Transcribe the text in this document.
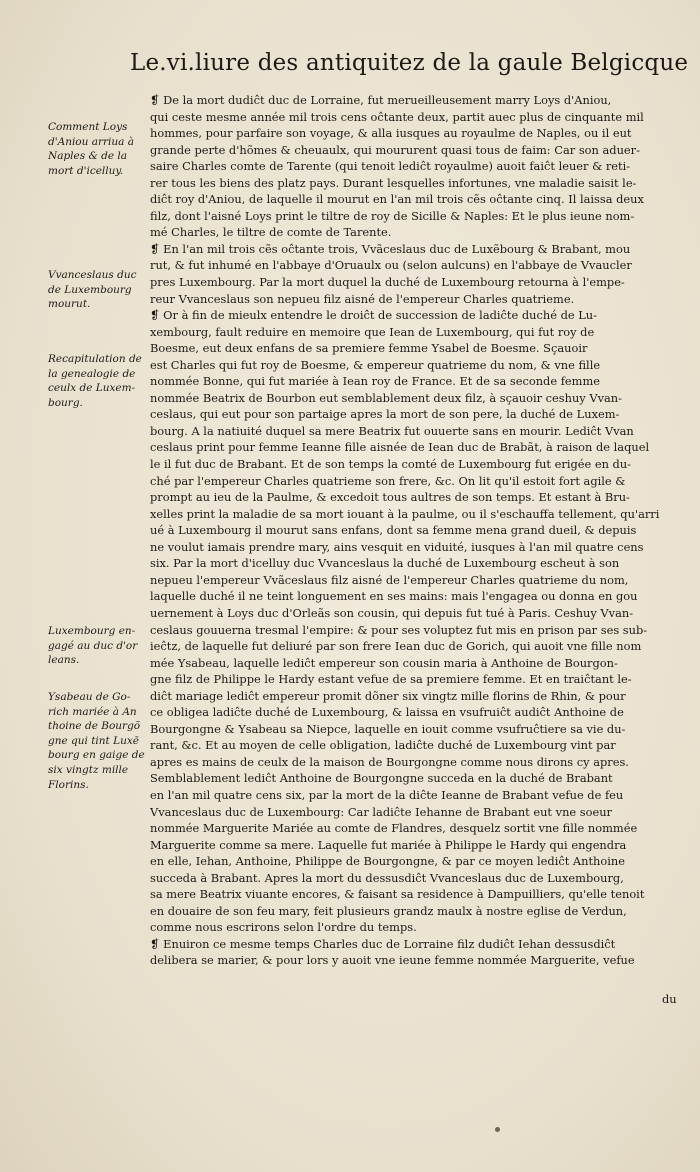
Le.vi.liure des antiquitez de la gaule Belgicque
Comment Loys
d'Aniou arriua à
Naples & de la
mort d'icelluy.
Vvanceslaus duc
de Luxembourg
mourut.
Recapitulation de
la genealogie de
ceulx de Luxem-
bourg.
Luxembourg en-
gagé au duc d'or
leans.
Ysabeau de Go-
rich mariée à An
thoine de Bourgõ
gne qui tint Luxē
bourg en gaige de
six vingtz mille
Florins.
❡ De la mort dudiĉt duc de Lorraine, fut merueilleusement marry Loys d'Aniou,
qui ceste mesme année mil trois cens oĉtante deux, partit auec plus de cinquante mil
hommes, pour parfaire son voyage, & alla iusques au royaulme de Naples, ou il eut
grande perte d'hõmes & cheuaulx, qui moururent quasi tous de faim: Car son aduer-
saire Charles comte de Tarente (qui tenoit lediĉt royaulme) auoit faiĉt leuer & reti-
rer tous les biens des platz pays. Durant lesquelles infortunes, vne maladie saisit le-
diĉt roy d'Aniou, de laquelle il mourut en l'an mil trois cẽs oĉtante cinq. Il laissa deux
filz, dont l'aisné Loys print le tiltre de roy de Sicille & Naples: Et le plus ieune nom-
mé Charles, le tiltre de comte de Tarente.
❡ En l'an mil trois cẽs oĉtante trois, Vvãceslaus duc de Luxẽbourg & Brabant, mou
rut, & fut inhumé en l'abbaye d'Oruaulx ou (selon aulcuns) en l'abbaye de Vvaucler
pres Luxembourg. Par la mort duquel la duché de Luxembourg retourna à l'empe-
reur Vvanceslaus son nepueu filz aisné de l'empereur Charles quatrieme.
❡ Or à fin de mieulx entendre le droiĉt de succession de ladiĉte duché de Lu-
xembourg, fault reduire en memoire que Iean de Luxembourg, qui fut roy de
Boesme, eut deux enfans de sa premiere femme Ysabel de Boesme. Sçauoir
est Charles qui fut roy de Boesme, & empereur quatrieme du nom, & vne fille
nommée Bonne, qui fut mariée à Iean roy de France. Et de sa seconde femme
nommée Beatrix de Bourbon eut semblablement deux filz, à sçauoir ceshuy Vvan-
ceslaus, qui eut pour son partaige apres la mort de son pere, la duché de Luxem-
bourg. A la natiuité duquel sa mere Beatrix fut ouuerte sans en mourir. Lediĉt Vvan
ceslaus print pour femme Ieanne fille aisnée de Iean duc de Brabãt, à raison de laquel
le il fut duc de Brabant. Et de son temps la comté de Luxembourg fut erigée en du-
ché par l'empereur Charles quatrieme son frere, &c. On lit qu'il estoit fort agile &
prompt au ieu de la Paulme, & excedoit tous aultres de son temps. Et estant à Bru-
xelles print la maladie de sa mort iouant à la paulme, ou il s'eschauffa tellement, qu'arri
ué à Luxembourg il mourut sans enfans, dont sa femme mena grand dueil, & depuis
ne voulut iamais prendre mary, ains vesquit en viduité, iusques à l'an mil quatre cens
six. Par la mort d'icelluy duc Vvanceslaus la duché de Luxembourg escheut à son
nepueu l'empereur Vvãceslaus filz aisné de l'empereur Charles quatrieme du nom,
laquelle duché il ne teint longuement en ses mains: mais l'engagea ou donna en gou
uernement à Loys duc d'Orleãs son cousin, qui depuis fut tué à Paris. Ceshuy Vvan-
ceslaus gouuerna tresmal l'empire: & pour ses voluptez fut mis en prison par ses sub-
ieĉtz, de laquelle fut deliuré par son frere Iean duc de Gorich, qui auoit vne fille nom
mée Ysabeau, laquelle lediĉt empereur son cousin maria à Anthoine de Bourgon-
gne filz de Philippe le Hardy estant vefue de sa premiere femme. Et en traiĉtant le-
diĉt mariage lediĉt empereur promit dõner six vingtz mille florins de Rhin, & pour
ce obligea ladiĉte duché de Luxembourg, & laissa en vsufruiĉt audiĉt Anthoine de
Bourgongne & Ysabeau sa Niepce, laquelle en iouit comme vsufruĉtiere sa vie du-
rant, &c. Et au moyen de celle obligation, ladiĉte duché de Luxembourg vint par
apres es mains de ceulx de la maison de Bourgongne comme nous dirons cy apres.
Semblablement lediĉt Anthoine de Bourgongne succeda en la duché de Brabant
en l'an mil quatre cens six, par la mort de la diĉte Ieanne de Brabant vefue de feu
Vvanceslaus duc de Luxembourg: Car ladiĉte Iehanne de Brabant eut vne soeur
nommée Marguerite Mariée au comte de Flandres, desquelz sortit vne fille nommée
Marguerite comme sa mere. Laquelle fut mariée à Philippe le Hardy qui engendra
en elle, Iehan, Anthoine, Philippe de Bourgongne, & par ce moyen lediĉt Anthoine
succeda à Brabant. Apres la mort du dessusdiĉt Vvanceslaus duc de Luxembourg,
sa mere Beatrix viuante encores, & faisant sa residence à Dampuilliers, qu'elle tenoit
en douaire de son feu mary, feit plusieurs grandz maulx à nostre eglise de Verdun,
comme nous escrirons selon l'ordre du temps.
❡ Enuiron ce mesme temps Charles duc de Lorraine filz dudiĉt Iehan dessusdiĉt
delibera se marier, & pour lors y auoit vne ieune femme nommée Marguerite, vefue
du
